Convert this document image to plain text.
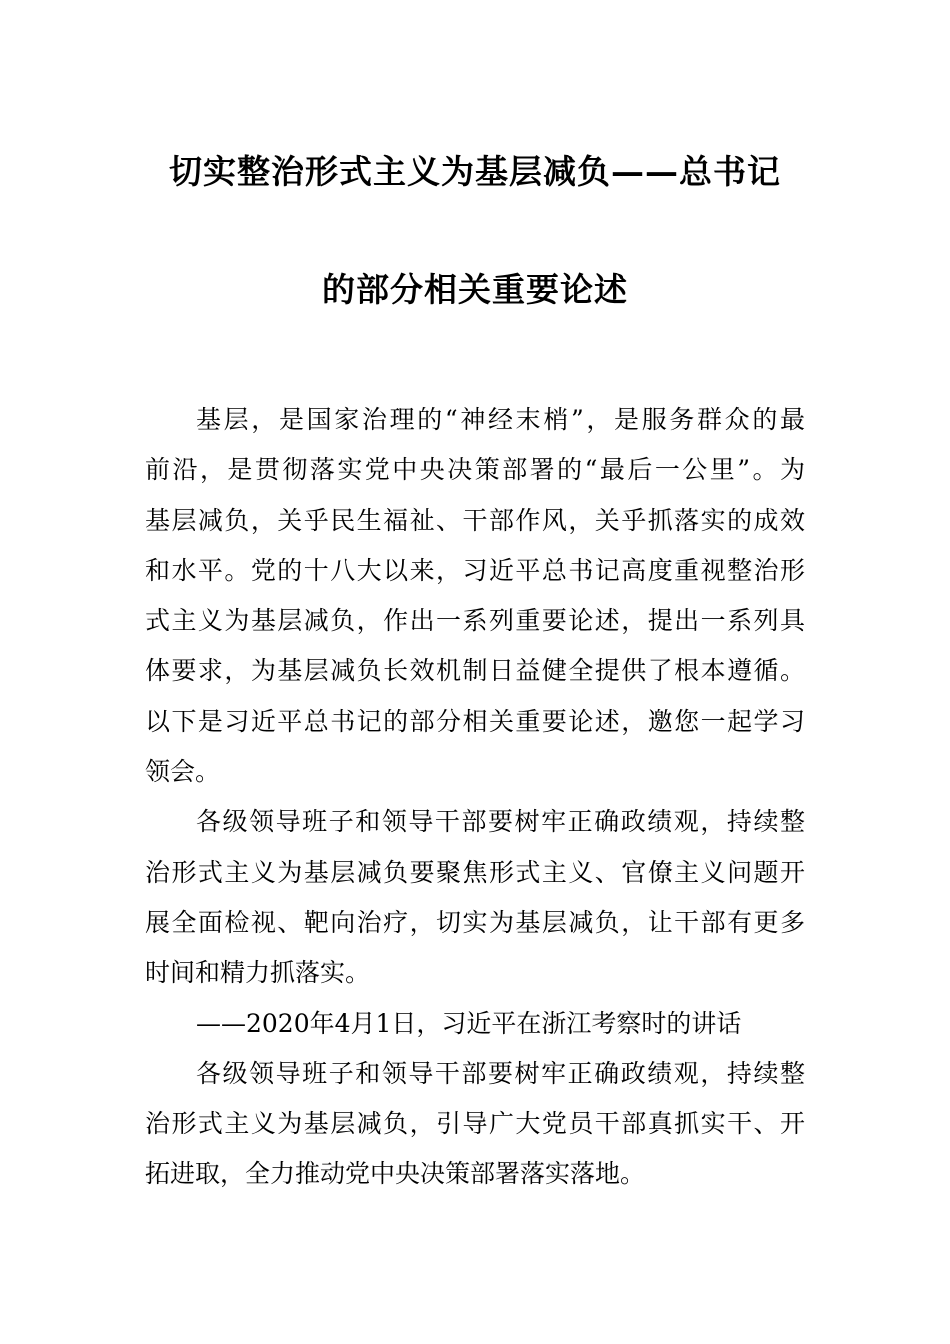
切实整治形式主义为基层减负——总书记
的部分相关重要论述
基层，是国家治理的“神经末梢”，是服务群众的最
前沿，是贯彻落实党中央决策部署的“最后一公里”。为
基层减负，关乎民生福祉、干部作风，关乎抓落实的成效
和水平。党的十八大以来，习近平总书记高度重视整治形
式主义为基层减负，作出一系列重要论述，提出一系列具
体要求，为基层减负长效机制日益健全提供了根本遵循。
以下是习近平总书记的部分相关重要论述，邀您一起学习
领会。
各级领导班子和领导干部要树牢正确政绩观，持续整
治形式主义为基层减负要聚焦形式主义、官僚主义问题开
展全面检视、靶向治疗，切实为基层减负，让干部有更多
时间和精力抓落实。
——2020年4月1日，习近平在浙江考察时的讲话
各级领导班子和领导干部要树牢正确政绩观，持续整
治形式主义为基层减负，引导广大党员干部真抓实干、开
拓进取，全力推动党中央决策部署落实落地。
